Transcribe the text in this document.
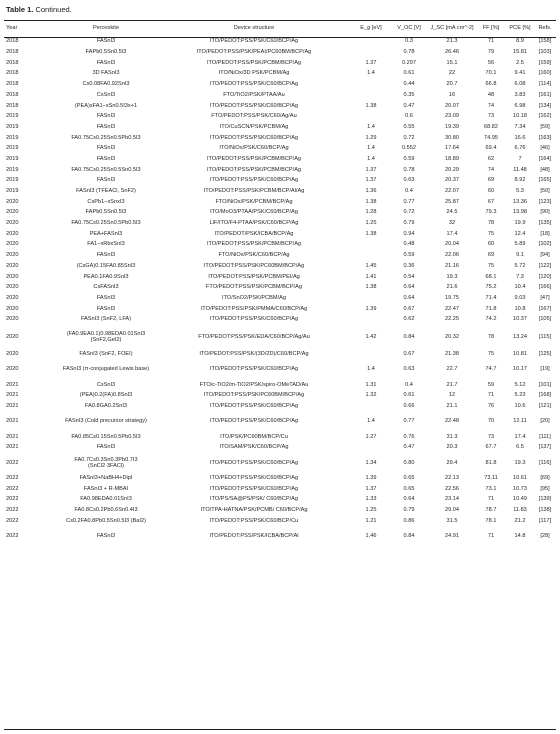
Table 1. Continued.
Year	Perovskite	Device structure	E_g [eV]	V_OC [V]	J_SC [mA cm^-2]	FF [%]	PCE [%]	Refs.
2018	FASnI3	ITO/PEDOT:PSS/PSK/C60/BCP/Ag		0.3	21.3	71	8.9	[158]
2018	FAPb0.5Sn0.5I3	ITO/PEDOT:PSS/PSK/PEAI/PC60BM/BCP/Ag		0.78	26.46	79	15.81	[103]
2018	FASnI3	ITO/PEDOT:PSS/PSK/PCBM/BCP/Ag	1.37	0.297	15.1	56	2.5	[159]
2018	3D FASnI3	ITO/NiOx/3D PSK/PCBM/Ag	1.4	0.61	22	70.1	9.41	[160]
2018	Cs0.08FA0.92SnI3	ITO/PEDOT:PSS/PSK/C60/BCP/Ag		0.44	20.7	66.8	6.08	[114]
2018	CsSnI3	FTO/TiO2/PSK/PTAA/Au		0.35	16	48	3.83	[161]
2018	(PEA)xFA1−xSn0.5I3x+1	ITO/PEDOT:PSS/PSK/C60/BCP/Ag	1.38	0.47	20.07	74	6.98	[134]
2019	FASnI3	FTO/PEDOT:PSS/PSK/C60/Ag/Au		0.6	23.09	73	10.18	[162]
2019	FASnI3	ITO/CuSCN/PSK/PCBM/Ag	1.4	0.55	19.39	68.82	7.34	[59]
2019	FA0.75Cs0.25Sn0.5Pb0.5I3	ITO/PEDOT:PSS/PSK/C60/BCP/Ag	1.29	0.72	30.80	74.95	16.6	[163]
2019	FASnI3	ITO/NiOx/PSK/C60/BCP/Ag	1.4	0.552	17.64	69.4	6.76	[46]
2019	FASnI3	ITO/PEDOT:PSS/PSK/PCBM/BCP/Ag	1.4	0.59	18.89	62	7	[164]
2019	FA0.75Cs0.25Sn0.5Sn0.5I3	ITO/PEDOT:PSS/PSK/PCBM/BCP/Ag	1.37	0.78	20.29	74	11.48	[48]
2019	FASnI3	ITO/PEDOT:PSS/PSK/C60/BCP/Ag	1.37	0.63	20.37	69	8.92	[165]
2019	FASnI3 (TFEACl, SnF2)	ITO/PEDOT:PSS/PSK/PCBM/BCP/Al/Ag	1.36	0.4	22.07	60	5.3	[50]
2020	CsPb1−xSnxI3	FTO/NiOx/PSK/PCBM/BCP/Ag	1.38	0.77	25.87	67	13.36	[123]
2020	FAPb0.5Sn0.5I3	ITO/MoO3/PTAA/PSK/C60/BCP/Ag	1.28	0.72	24.5	79.3	13.98	[90]
2020	FA0.75Cs0.25Sn0.5Pb0.5I3	LiF/ITO/F4-PTAA/PSK/C60/BCP/Ag	1.25	0.79	32	78	19.9	[135]
2020	PEA+FASnI3	ITO/PEDOT/PSK/ICBA/BCP/Ag	1.38	0.94	17.4	75	12.4	[18]
2020	FA1−xRbxSnI3	ITO/PEDOT:PSS/PSK/PCBM/BCP/Ag		0.48	20.04	60	5.89	[102]
2020	FASnI3	FTO/NiOx/PSK/C60/BCP/Ag		0.59	22.06	69	9.1	[94]
2020	(CsGA)0.15FA0.85SnI3	ITO/PEDOT:PSS/PSK/PC60BM/BCP/Ag	1.45	0.36	21.16	75	5.72	[122]
2020	PEA0.1FA0.9SnI3	ITO/PEDOT:PSS/PSK/PCBM/PEI/Ag	1.41	0.54	19.3	68.1	7.3	[120]
2020	CsFASnI3	FTO/PEDOT:PSS/PSK/PCBM/BCP/Ag	1.38	0.64	21.6	75.2	10.4	[166]
2020	FASnI3	ITO/SnO2/PSK/PCBM/Ag		0.64	19.75	71.4	9.03	[47]
2020	FASnI3	ITO/PEDOT:PSS/PSK/PMMA/C60/BCP/Ag	1.39	0.67	22.47	71.8	10.8	[167]
2020	FASnI3 (SnF2, LFA)	ITO/PEDOT:PSS/PSK/C60/BCP/Ag		0.62	22.25	74.2	10.37	[105]
2020	(FA0.9EA0.1)0.98EDA0.01SnI3 (SnF2,GeI2)	FTO/PEDOT:PSS/PSK/EDA/C60/BCP/Ag/Au	1.42	0.84	20.32	78	13.24	[115]
2020	FASnI3 (SnF2, FOEI)	ITO/PEDOT:PSS/PSK/(3D/2D)/C60/BCP/Ag		0.67	21.38	75	10.81	[125]
2020	FASnI3 (π-conjugated Lewis base)	ITO/PEDOT:PSS/PSK/C60/BCP/Ag	1.4	0.63	22.7	74.7	10.17	[19]
2021	CsSnI3	FTO/c-TiO2/m-TiO2/PSK/spiro-OMeTAD/Au	1.31	0.4	21.7	59	5.12	[101]
2021	(PEA)0.2(FA)0.8SnI3	ITO/PEDOT:PSS/PSK/PC60BM/BCP/Ag	1.32	0.61	12	71	5.23	[168]
2021	FA0.8GA0.2SnI3	ITO/PEDOT:PSS/PSK/C60/BCP/Ag		0.66	21.1	76	10.6	[121]
2021	FASnI3 (Cold precursor strategy)	ITO/PEDOT:PSS/PSK/C60/BCP/Ag	1.4	0.77	22.48	70	12.11	[20]
2021	FA0.85Cs0.15Sn0.5Pb0.5I3	ITO/PSK/PC60BM/BCP/Cu	1.27	0.76	31.3	73	17.4	[111]
2021	FASnI3	ITO/SAM/PSK/C60/BCP/Ag		0.47	20.3	67.7	6.5	[137]
2022	FA0.7Cs0.3Sn0.3Pb0.7I3 (SnCl2·3FACl)	ITO/PEDOT:PSS/PSK/C60/BCP/Ag	1.34	0.80	29.4	81.8	19.3	[116]
2022	FASnI3+NaBH4+DipI	ITO/PEDOT:PSS/PSK/C60/BCP/Ag	1.39	0.65	22.13	73.11	10.61	[69]
2022	FASnI3 + R-MBAI	ITO/PEDOT:PSS/PSK/C60/BCP/Ag	1.37	0.65	22.56	73.1	10.73	[95]
2022	FA0.98EDA0.01SnI3	ITO/PS/SA@PS/PSK/ C60/BCP/Ag	1.33	0.64	23.14	71	10.49	[139]
2022	FA0.8Cs0.2Pb0.6Sn0.4I3	ITO/TPA-HATNA/PSK/PCMB/ C60/BCP/Ag	1.25	0.79	29.04	78.7	11.83	[138]
2022	Cs0.2FA0.8Pb0.5Sn0.5I3 (BaI2)	ITO/PEDOT:PSS/PSK/C60/BCP/Cu	1.21	0.86	31.5	78.1	21.2	[117]
2022	FASnI3	ITO/PEDOT:PSS/PSK/ICBA/BCP/Al	1.46	0.84	24.91	71	14.8	[28]
